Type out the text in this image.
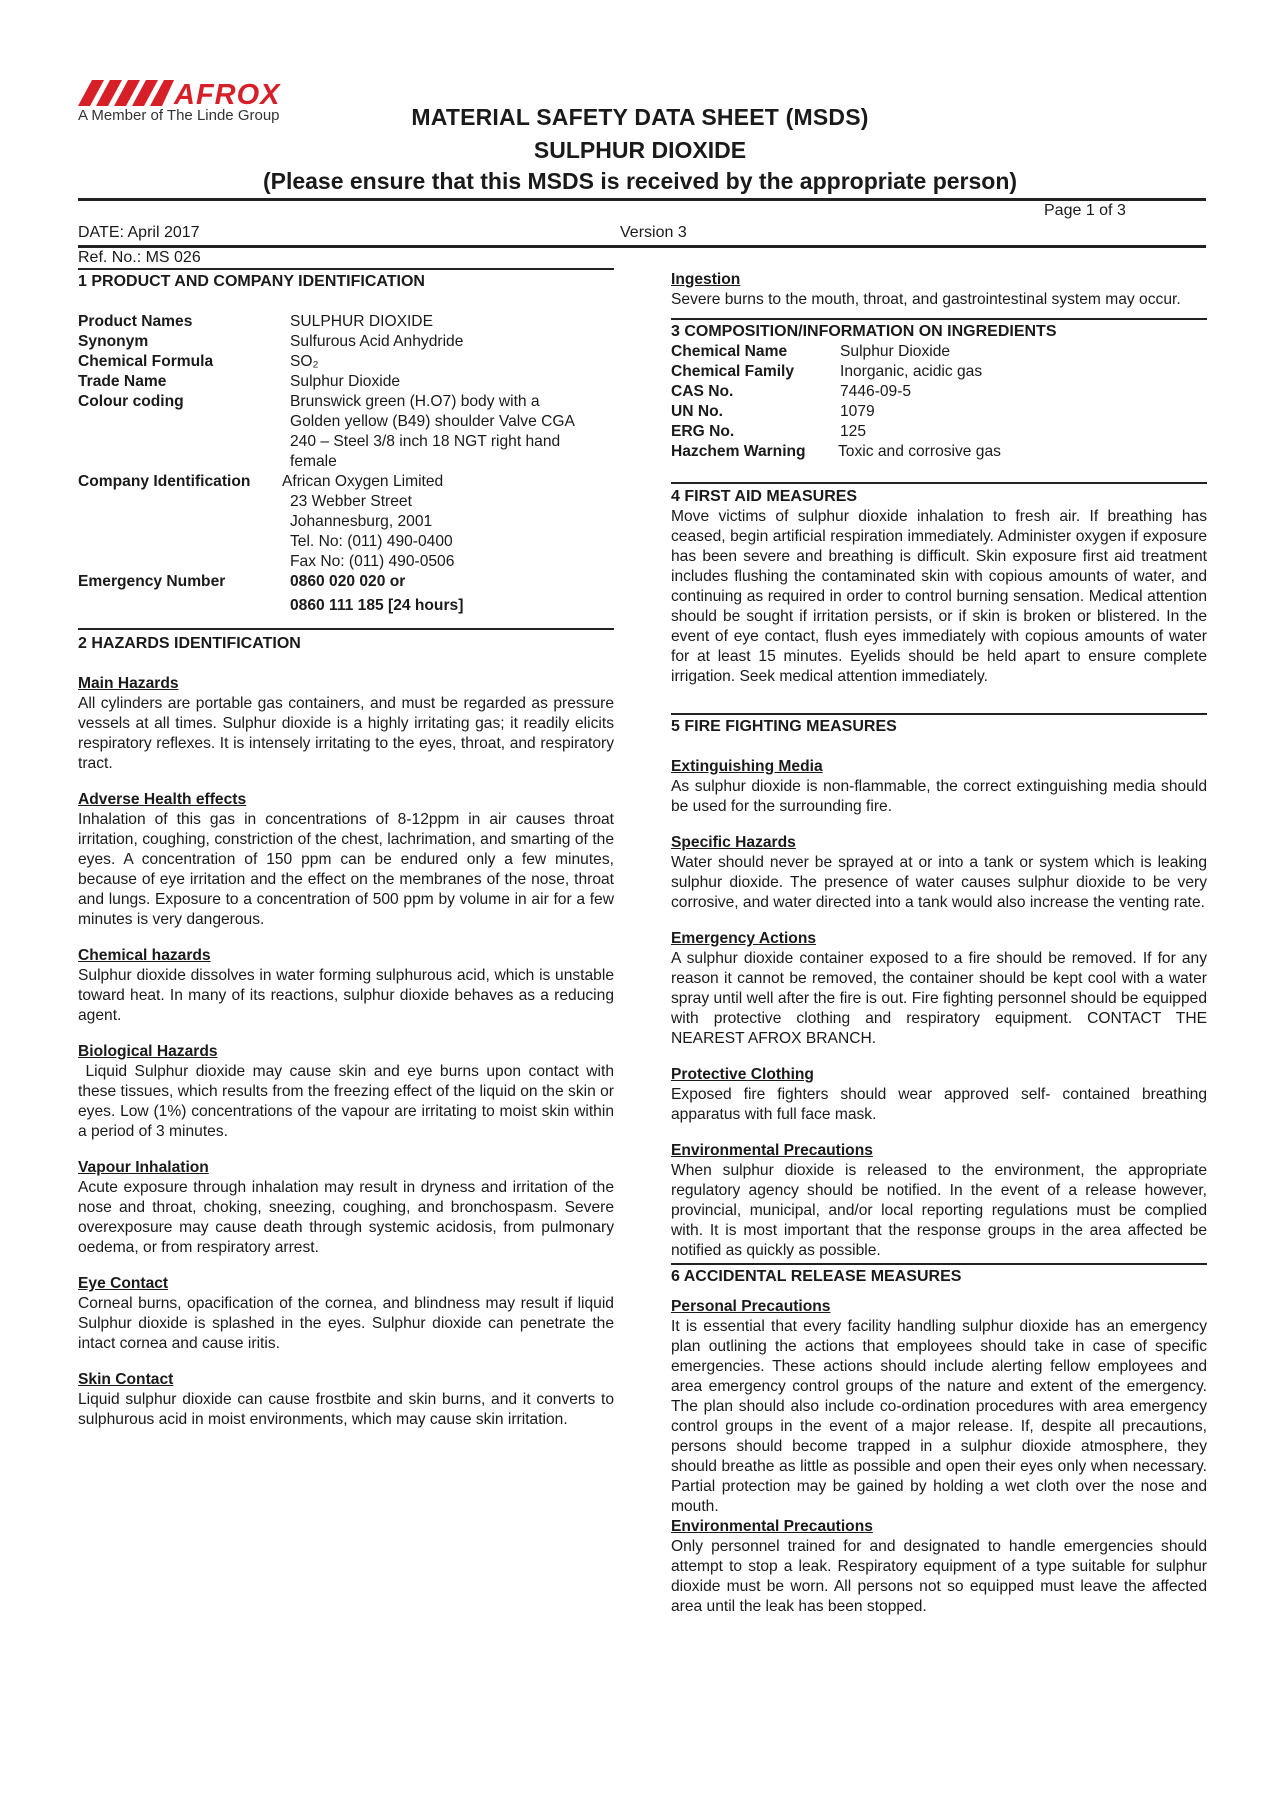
AFROX
A Member of The Linde Group	MATERIAL SAFETY DATA SHEET (MSDS)
SULPHUR DIOXIDE
(Please ensure that this MSDS is received by the appropriate person)
Page 1 of 3
DATE: April 2017	Version 3
Ref. No.: MS 026
1 PRODUCT AND COMPANY IDENTIFICATION
Product Names	SULPHUR DIOXIDE
Synonym	Sulfurous Acid Anhydride
Chemical Formula	SO₂
Trade Name	Sulphur Dioxide
Colour coding	Brunswick green (H.O7) body with a
Golden yellow (B49) shoulder Valve CGA
240 – Steel 3/8 inch 18 NGT right hand
female
Company Identification	African Oxygen Limited
23 Webber Street
Johannesburg, 2001
Tel. No: (011) 490-0400
Fax No: (011) 490-0506
Emergency Number	0860 020 020 or
0860 111 185 [24 hours]
2 HAZARDS IDENTIFICATION
Main Hazards

All cylinders are portable gas containers, and must be regarded as pressure vessels at all times. Sulphur dioxide is a highly irritating gas; it readily elicits respiratory reflexes. It is intensely irritating to the eyes, throat, and respiratory tract.

Adverse Health effects

Inhalation of this gas in concentrations of 8-12ppm in air causes throat irritation, coughing, constriction of the chest, lachrimation, and smarting of the eyes. A concentration of 150 ppm can be endured only a few minutes, because of eye irritation and the effect on the membranes of the nose, throat and lungs. Exposure to a concentration of 500 ppm by volume in air for a few minutes is very dangerous.

Chemical hazards

Sulphur dioxide dissolves in water forming sulphurous acid, which is unstable toward heat. In many of its reactions, sulphur dioxide behaves as a reducing agent.

Biological Hazards

Liquid Sulphur dioxide may cause skin and eye burns upon contact with these tissues, which results from the freezing effect of the liquid on the skin or eyes. Low (1%) concentrations of the vapour are irritating to moist skin within a period of 3 minutes.

Vapour Inhalation

Acute exposure through inhalation may result in dryness and irritation of the nose and throat, choking, sneezing, coughing, and bronchospasm. Severe overexposure may cause death through systemic acidosis, from pulmonary oedema, or from respiratory arrest.

Eye Contact

Corneal burns, opacification of the cornea, and blindness may result if liquid Sulphur dioxide is splashed in the eyes. Sulphur dioxide can penetrate the intact cornea and cause iritis.

Skin Contact

Liquid sulphur dioxide can cause frostbite and skin burns, and it converts to sulphurous acid in moist environments, which may cause skin irritation.

Ingestion

Severe burns to the mouth, throat, and gastrointestinal system may occur.

3 COMPOSITION/INFORMATION ON INGREDIENTS
Chemical Name	Sulphur Dioxide
Chemical Family	Inorganic, acidic gas
CAS No.	7446-09-5
UN No.	1079
ERG No.	125
Hazchem Warning	Toxic and corrosive gas
4 FIRST AID MEASURES

Move victims of sulphur dioxide inhalation to fresh air. If breathing has ceased, begin artificial respiration immediately. Administer oxygen if exposure has been severe and breathing is difficult. Skin exposure first aid treatment includes flushing the contaminated skin with copious amounts of water, and continuing as required in order to control burning sensation. Medical attention should be sought if irritation persists, or if skin is broken or blistered. In the event of eye contact, flush eyes immediately with copious amounts of water for at least 15 minutes. Eyelids should be held apart to ensure complete irrigation. Seek medical attention immediately.

5 FIRE FIGHTING MEASURES
Extinguishing Media

As sulphur dioxide is non-flammable, the correct extinguishing media should be used for the surrounding fire.

Specific Hazards

Water should never be sprayed at or into a tank or system which is leaking sulphur dioxide. The presence of water causes sulphur dioxide to be very corrosive, and water directed into a tank would also increase the venting rate.

Emergency Actions

A sulphur dioxide container exposed to a fire should be removed. If for any reason it cannot be removed, the container should be kept cool with a water spray until well after the fire is out. Fire fighting personnel should be equipped with protective clothing and respiratory equipment. CONTACT THE NEAREST AFROX BRANCH.

Protective Clothing

Exposed fire fighters should wear approved self- contained breathing apparatus with full face mask.

Environmental Precautions

When sulphur dioxide is released to the environment, the appropriate regulatory agency should be notified. In the event of a release however, provincial, municipal, and/or local reporting regulations must be complied with. It is most important that the response groups in the area affected be notified as quickly as possible.

6 ACCIDENTAL RELEASE MEASURES
Personal Precautions

It is essential that every facility handling sulphur dioxide has an emergency plan outlining the actions that employees should take in case of specific emergencies. These actions should include alerting fellow employees and area emergency control groups of the nature and extent of the emergency. The plan should also include co-ordination procedures with area emergency control groups in the event of a major release. If, despite all precautions, persons should become trapped in a sulphur dioxide atmosphere, they should breathe as little as possible and open their eyes only when necessary. Partial protection may be gained by holding a wet cloth over the nose and mouth.

Environmental Precautions

Only personnel trained for and designated to handle emergencies should attempt to stop a leak. Respiratory equipment of a type suitable for sulphur dioxide must be worn. All persons not so equipped must leave the affected area until the leak has been stopped.
